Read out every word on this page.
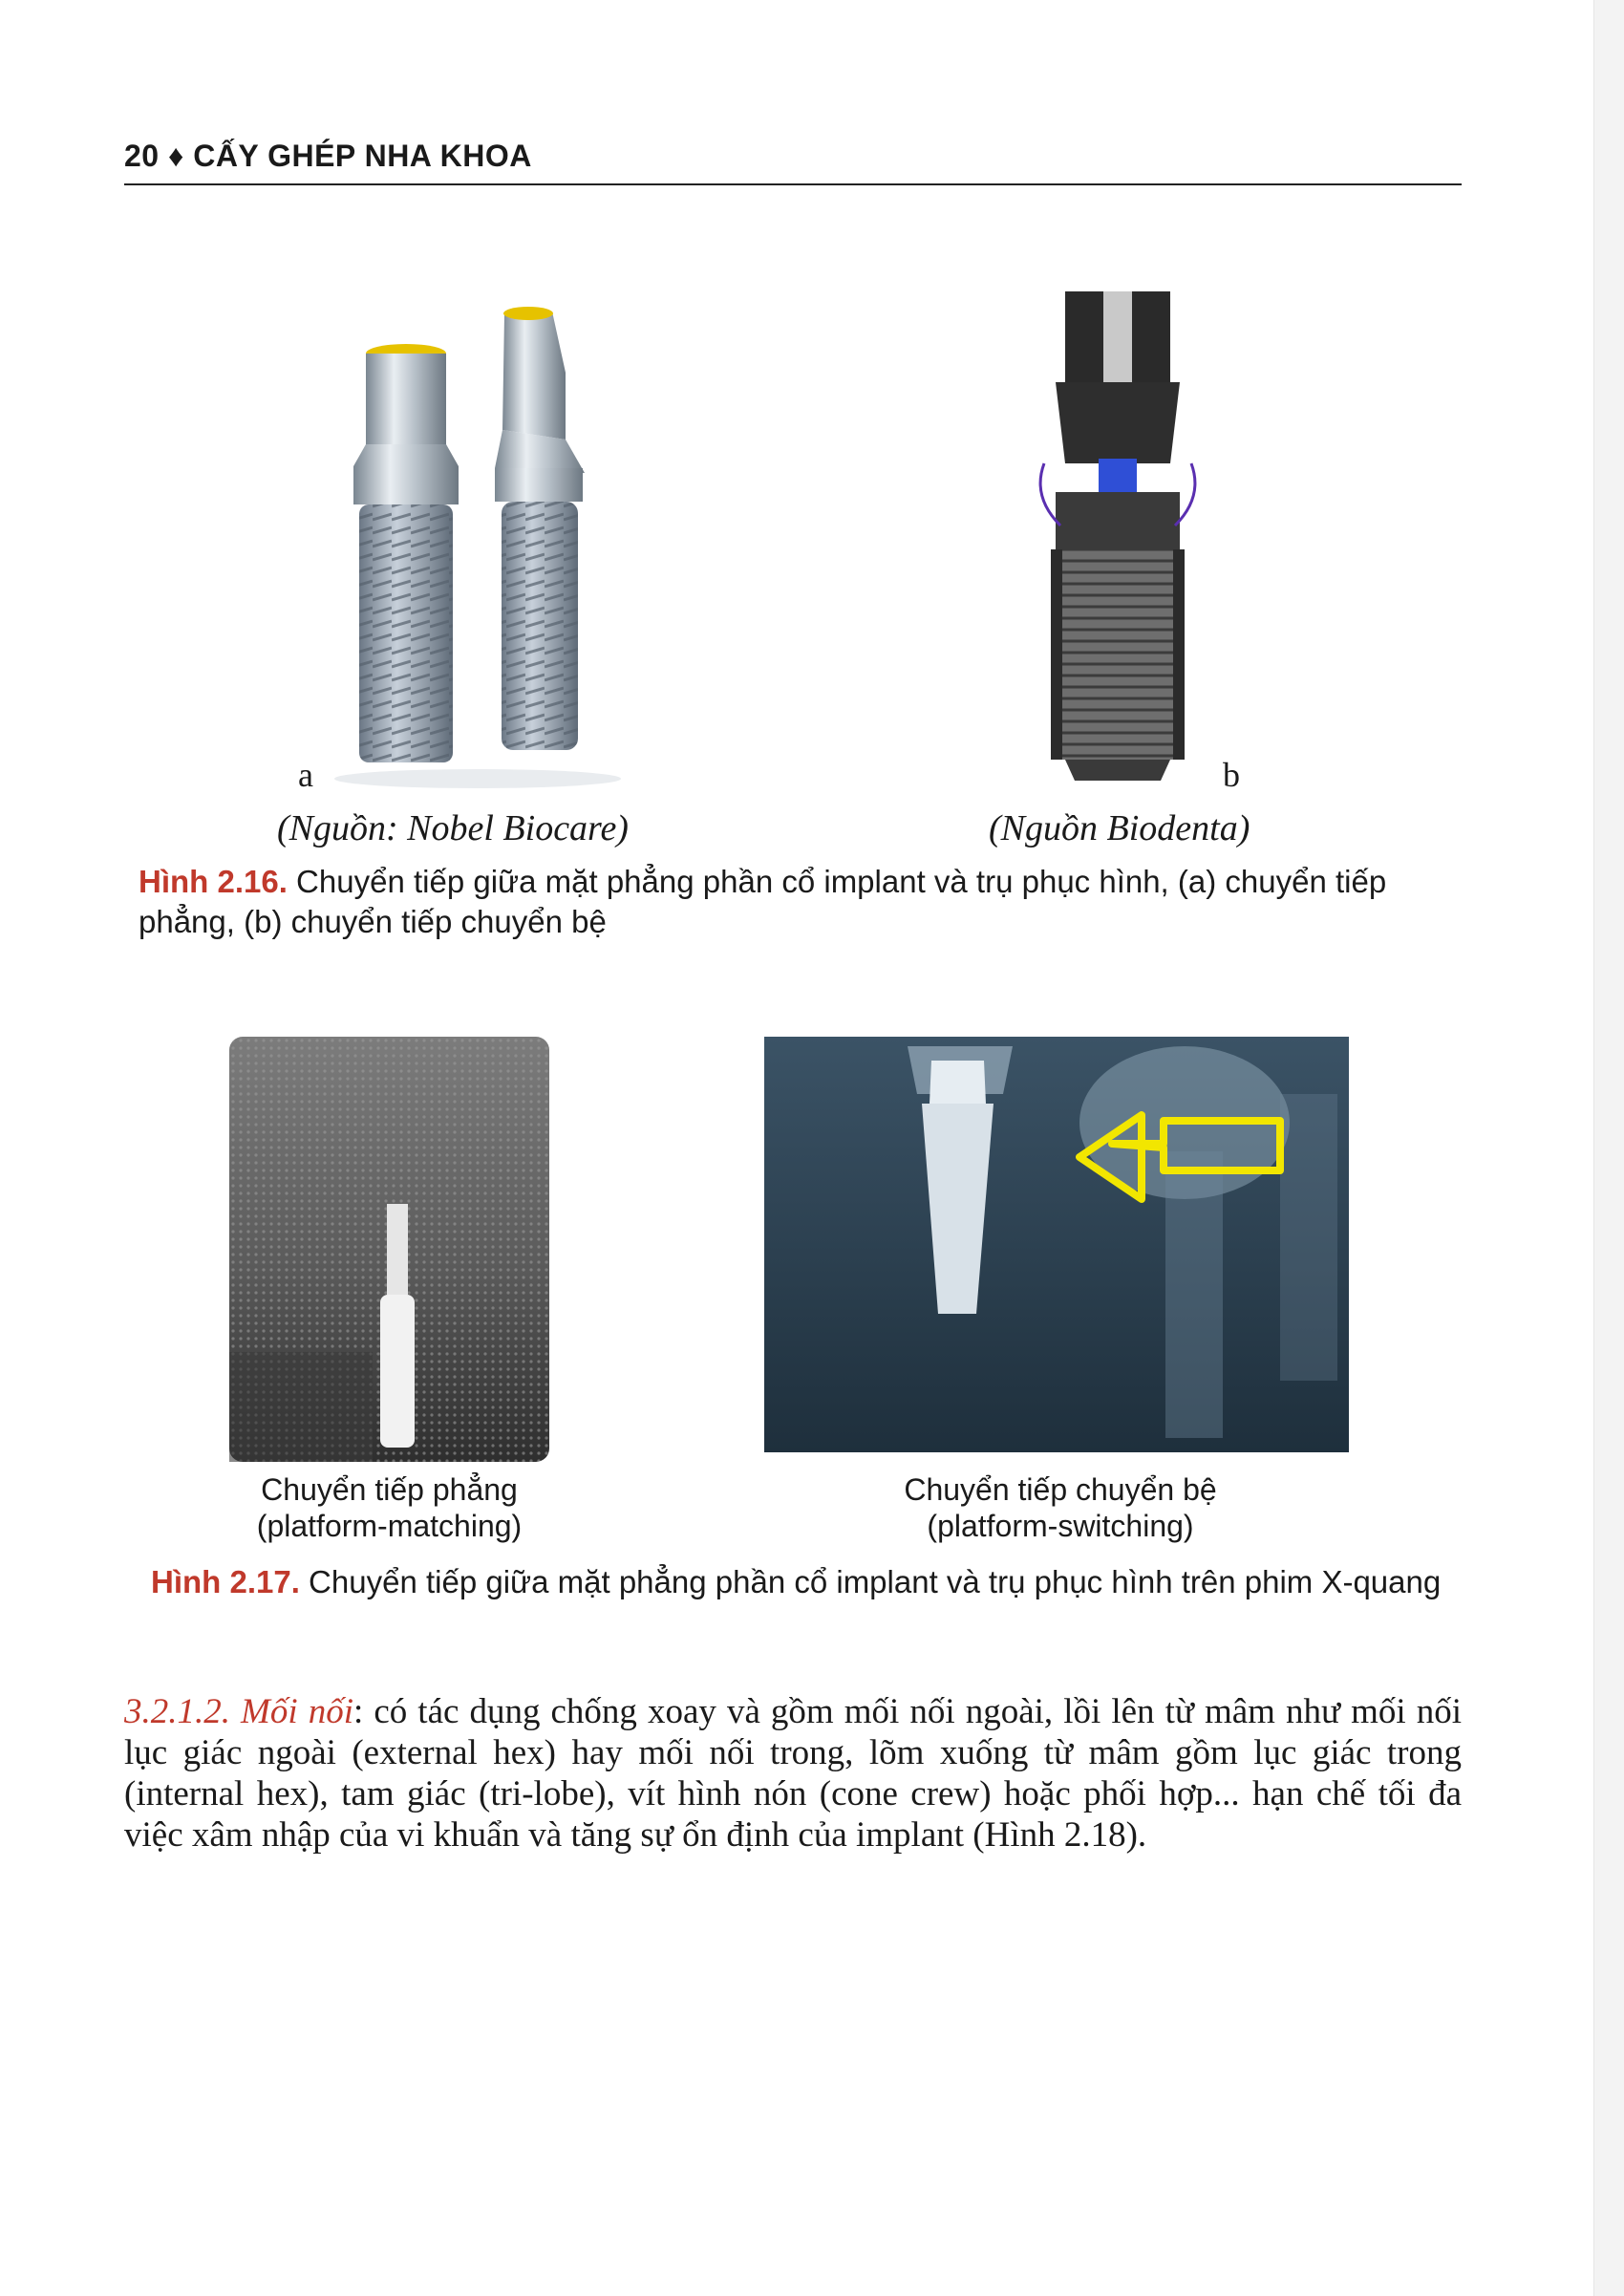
20 ♦ CẤY GHÉP NHA KHOA
a	b
(Nguồn: Nobel Biocare)	(Nguồn Biodenta)
Hình 2.16. Chuyển tiếp giữa mặt phẳng phần cổ implant và trụ phục hình, (a) chuyển tiếp phẳng, (b) chuyển tiếp chuyển bệ
Chuyển tiếp phẳng
(platform-matching)
Chuyển tiếp chuyển bệ
(platform-switching)
Hình 2.17. Chuyển tiếp giữa mặt phẳng phần cổ implant và trụ phục hình trên phim X-quang
3.2.1.2. Mối nối: có tác dụng chống xoay và gồm mối nối ngoài, lồi lên từ mâm như mối nối lục giác ngoài (external hex) hay mối nối trong, lõm xuống từ mâm gồm lục giác trong (internal hex), tam giác (tri-lobe), vít hình nón (cone crew) hoặc phối hợp... hạn chế tối đa việc xâm nhập của vi khuẩn và tăng sự ổn định của implant (Hình 2.18).
